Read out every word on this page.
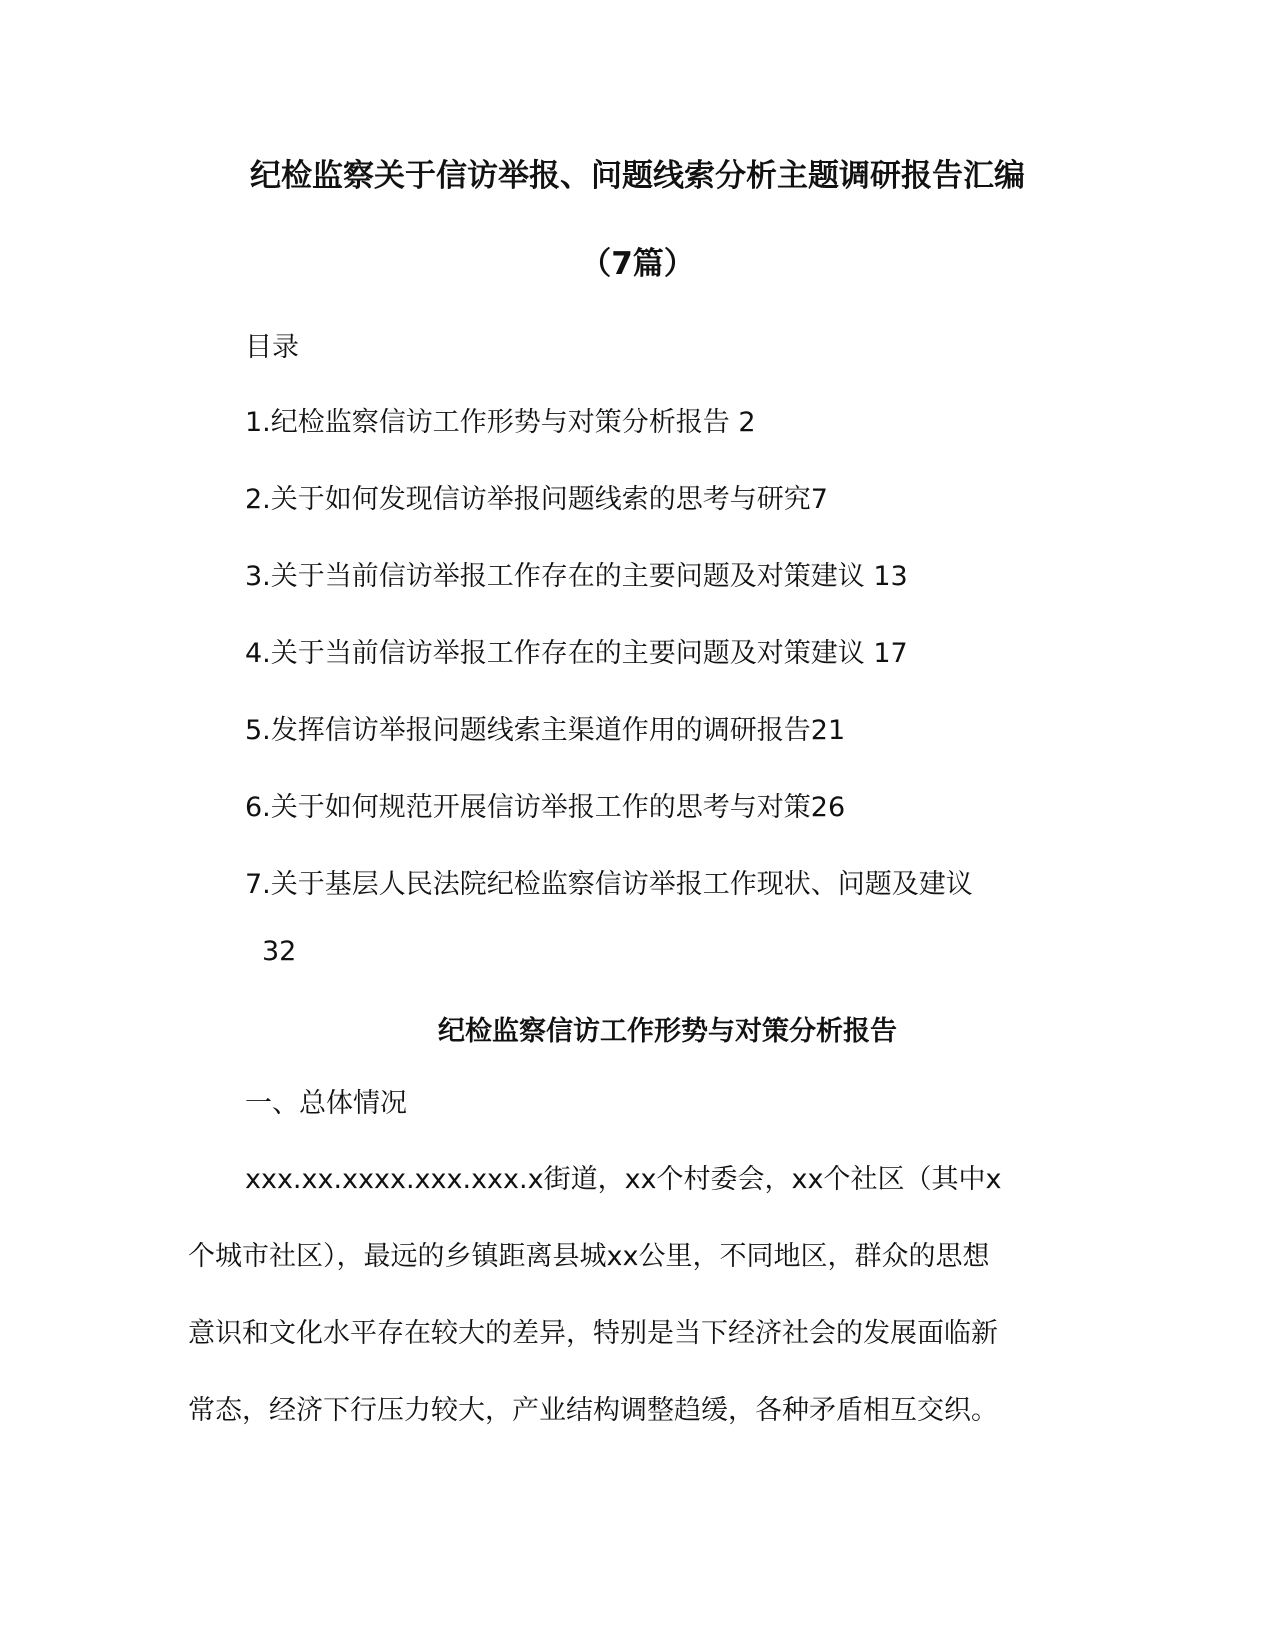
纪检监察关于信访举报、问题线索分析主题调研报告汇编
（7篇）

目录

1.纪检监察信访工作形势与对策分析报告 2

2.关于如何发现信访举报问题线索的思考与研究7

3.关于当前信访举报工作存在的主要问题及对策建议 13

4.关于当前信访举报工作存在的主要问题及对策建议 17

5.发挥信访举报问题线索主渠道作用的调研报告21

6.关于如何规范开展信访举报工作的思考与对策26

7.关于基层人民法院纪检监察信访举报工作现状、问题及建议

32

纪检监察信访工作形势与对策分析报告

一、总体情况

xxx.xx.xxxx.xxx.xxx.x街道，xx个村委会，xx个社区（其中x

个城市社区），最远的乡镇距离县城xx公里，不同地区，群众的思想

意识和文化水平存在较大的差异，特别是当下经济社会的发展面临新

常态，经济下行压力较大，产业结构调整趋缓，各种矛盾相互交织。
